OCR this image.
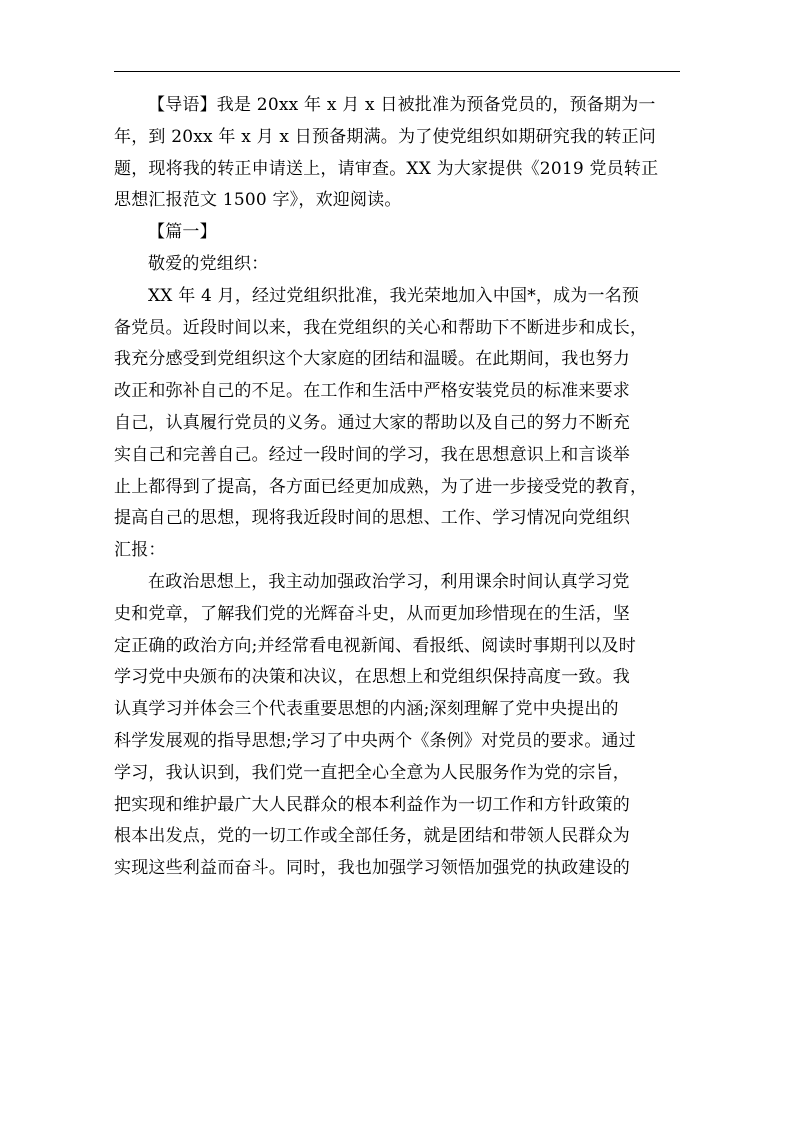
【导语】我是 20xx 年 x 月 x 日被批准为预备党员的，预备期为一
年，到 20xx 年 x 月 x 日预备期满。为了使党组织如期研究我的转正问
题，现将我的转正申请送上，请审查。XX 为大家提供《2019 党员转正
思想汇报范文 1500 字》，欢迎阅读。

【篇一】

敬爱的党组织：

XX 年 4 月，经过党组织批准，我光荣地加入中国*，成为一名预
备党员。近段时间以来，我在党组织的关心和帮助下不断进步和成长，
我充分感受到党组织这个大家庭的团结和温暖。在此期间，我也努力
改正和弥补自己的不足。在工作和生活中严格安装党员的标准来要求
自己，认真履行党员的义务。通过大家的帮助以及自己的努力不断充
实自己和完善自己。经过一段时间的学习，我在思想意识上和言谈举
止上都得到了提高，各方面已经更加成熟，为了进一步接受党的教育，
提高自己的思想，现将我近段时间的思想、工作、学习情况向党组织
汇报：

在政治思想上，我主动加强政治学习，利用课余时间认真学习党
史和党章，了解我们党的光辉奋斗史，从而更加珍惜现在的生活，坚
定正确的政治方向;并经常看电视新闻、看报纸、阅读时事期刊以及时
学习党中央颁布的决策和决议，在思想上和党组织保持高度一致。我
认真学习并体会三个代表重要思想的内涵;深刻理解了党中央提出的
科学发展观的指导思想;学习了中央两个《条例》对党员的要求。通过
学习，我认识到，我们党一直把全心全意为人民服务作为党的宗旨，
把实现和维护最广大人民群众的根本利益作为一切工作和方针政策的
根本出发点，党的一切工作或全部任务，就是团结和带领人民群众为
实现这些利益而奋斗。同时，我也加强学习领悟加强党的执政建设的
